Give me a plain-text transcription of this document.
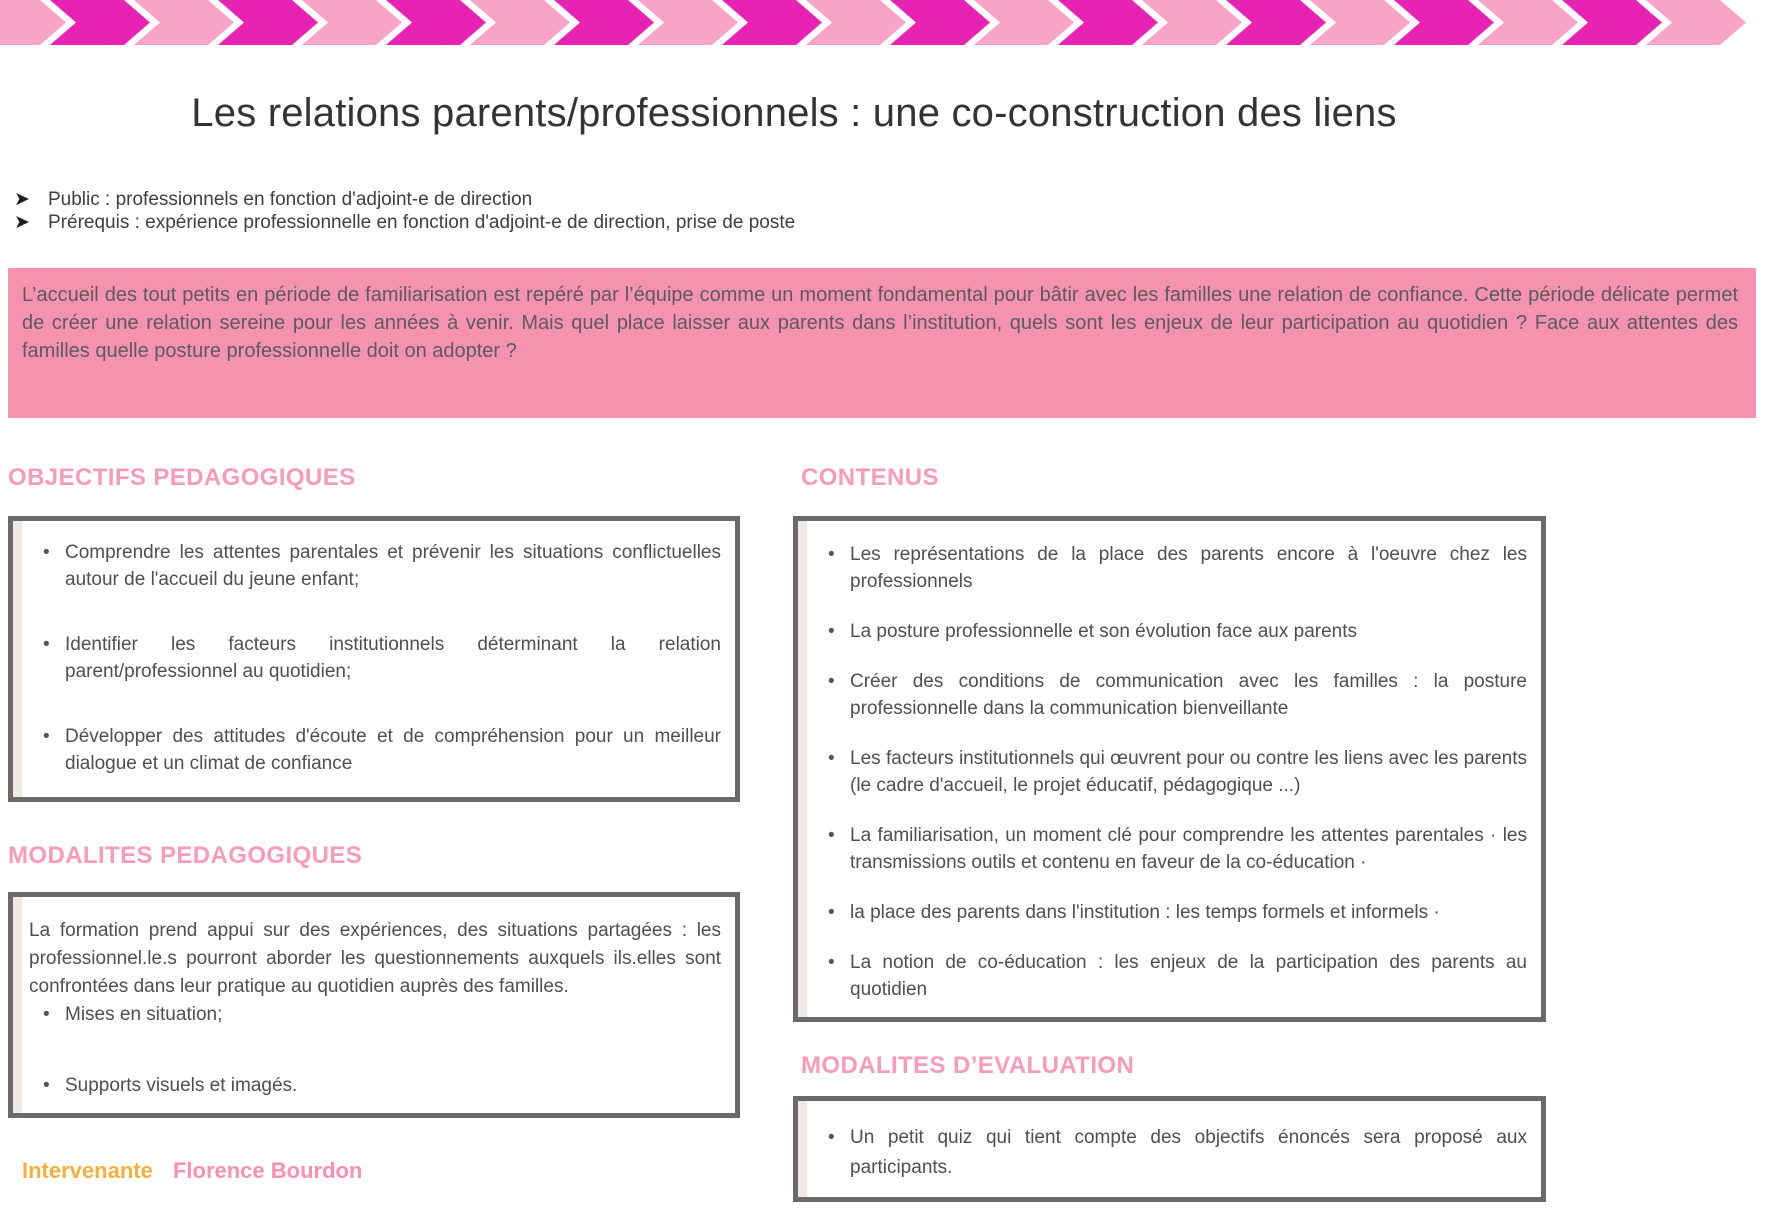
Les relations parents/professionnels : une co-construction des liens
➤ Public : professionnels en fonction d'adjoint-e de direction
➤ Prérequis : expérience professionnelle en fonction d'adjoint-e de direction, prise de poste
L’accueil des tout petits en période de familiarisation est repéré par l’équipe comme un moment fondamental pour bâtir avec les familles une relation de confiance. Cette période délicate permet de créer une relation sereine pour les années à venir. Mais quel place laisser aux parents dans l’institution, quels sont les enjeux de leur participation au quotidien ? Face aux attentes des familles quelle posture professionnelle doit on adopter ?
OBJECTIFS PEDAGOGIQUES
• Comprendre les attentes parentales et prévenir les situations conflictuelles autour de l'accueil du jeune enfant;
• Identifier les facteurs institutionnels déterminant la relation parent/professionnel au quotidien;
• Développer des attitudes d'écoute et de compréhension pour un meilleur dialogue et un climat de confiance
MODALITES PEDAGOGIQUES

La formation prend appui sur des expériences, des situations partagées : les professionnel.le.s pourront aborder les questionnements auxquels ils.elles sont confrontées dans leur pratique au quotidien auprès des familles.

• Mises en situation;
• Supports visuels et imagés.
Intervenante Florence Bourdon
CONTENUS
• Les représentations de la place des parents encore à l'oeuvre chez les professionnels
• La posture professionnelle et son évolution face aux parents
• Créer des conditions de communication avec les familles : la posture professionnelle dans la communication bienveillante
• Les facteurs institutionnels qui œuvrent pour ou contre les liens avec les parents (le cadre d'accueil, le projet éducatif, pédagogique ...)
• La familiarisation, un moment clé pour comprendre les attentes parentales · les transmissions outils et contenu en faveur de la co-éducation ·
• la place des parents dans l'institution : les temps formels et informels ·
• La notion de co-éducation : les enjeux de la participation des parents au quotidien
MODALITES D’EVALUATION
• Un petit quiz qui tient compte des objectifs énoncés sera proposé aux participants.
